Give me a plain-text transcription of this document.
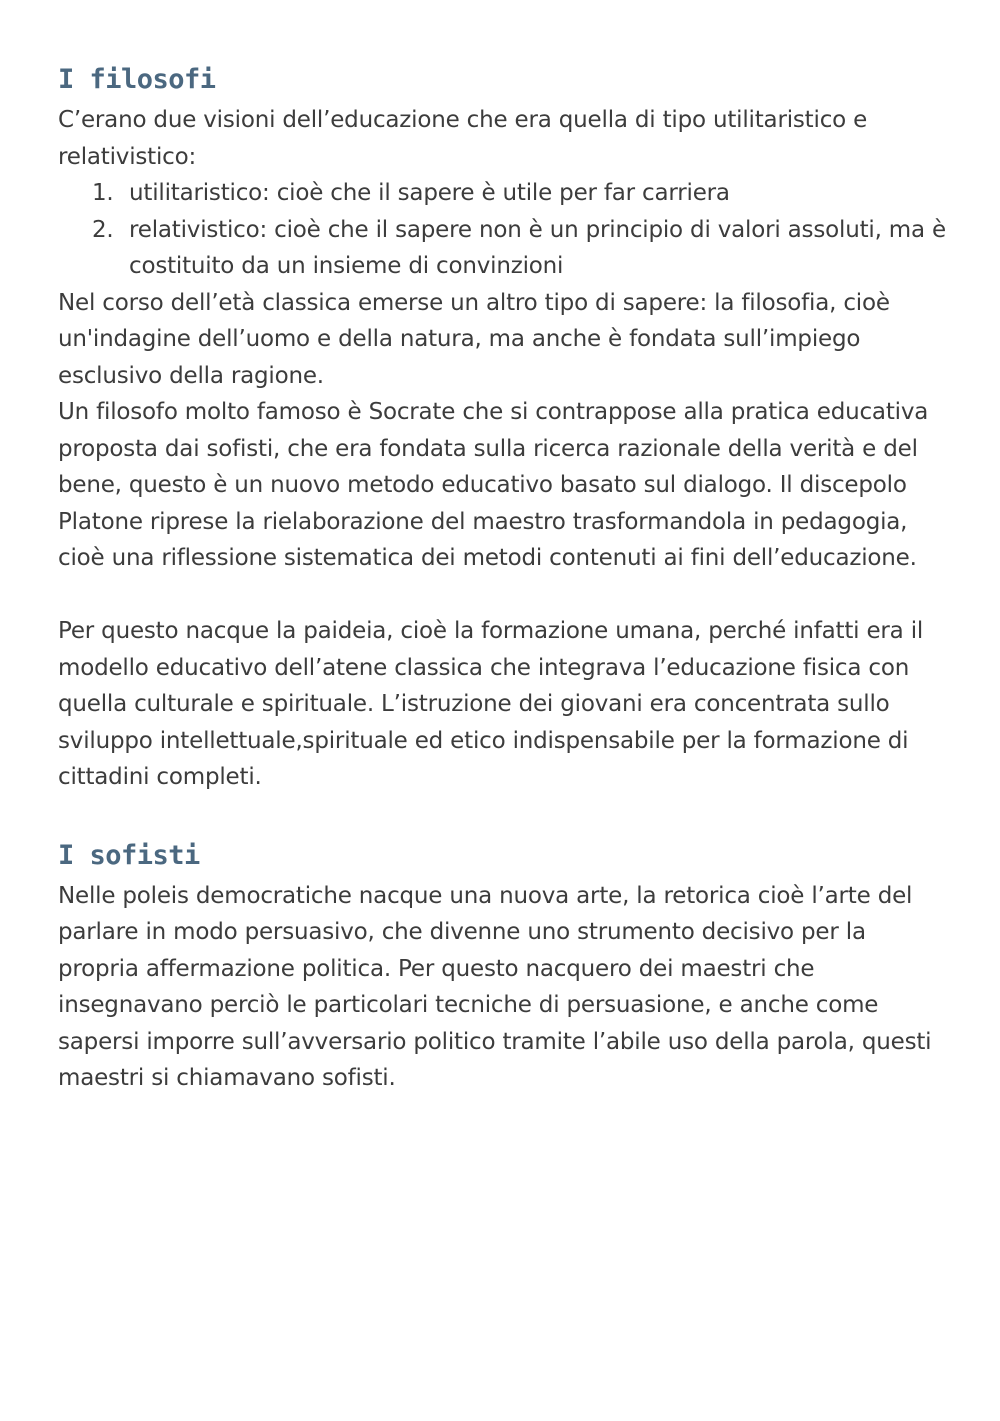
I filosofi

C’erano due visioni dell’educazione che era quella di tipo utilitaristico e relativistico:

1. utilitaristico: cioè che il sapere è utile per far carriera
2. relativistico: cioè che il sapere non è un principio di valori assoluti, ma è costituito da un insieme di convinzioni

Nel corso dell’età classica emerse un altro tipo di sapere: la filosofia, cioè un'indagine dell’uomo e della natura, ma anche è fondata sull’impiego esclusivo della ragione.

Un filosofo molto famoso è Socrate che si contrappose alla pratica educativa proposta dai sofisti, che era fondata sulla ricerca razionale della verità e del bene, questo è un nuovo metodo educativo basato sul dialogo. Il discepolo Platone riprese la rielaborazione del maestro trasformandola in pedagogia, cioè una riflessione sistematica dei metodi contenuti ai fini dell’educazione.

Per questo nacque la paideia, cioè la formazione umana, perché infatti era il modello educativo dell’atene classica che integrava l’educazione fisica con quella culturale e spirituale. L’istruzione dei giovani era concentrata sullo sviluppo intellettuale,spirituale ed etico indispensabile per la formazione di cittadini completi.

I sofisti

Nelle poleis democratiche nacque una nuova arte, la retorica cioè l’arte del parlare in modo persuasivo, che divenne uno strumento decisivo per la propria affermazione politica. Per questo nacquero dei maestri che insegnavano perciò le particolari tecniche di persuasione, e anche come sapersi imporre sull’avversario politico tramite l’abile uso della parola, questi maestri si chiamavano sofisti.
